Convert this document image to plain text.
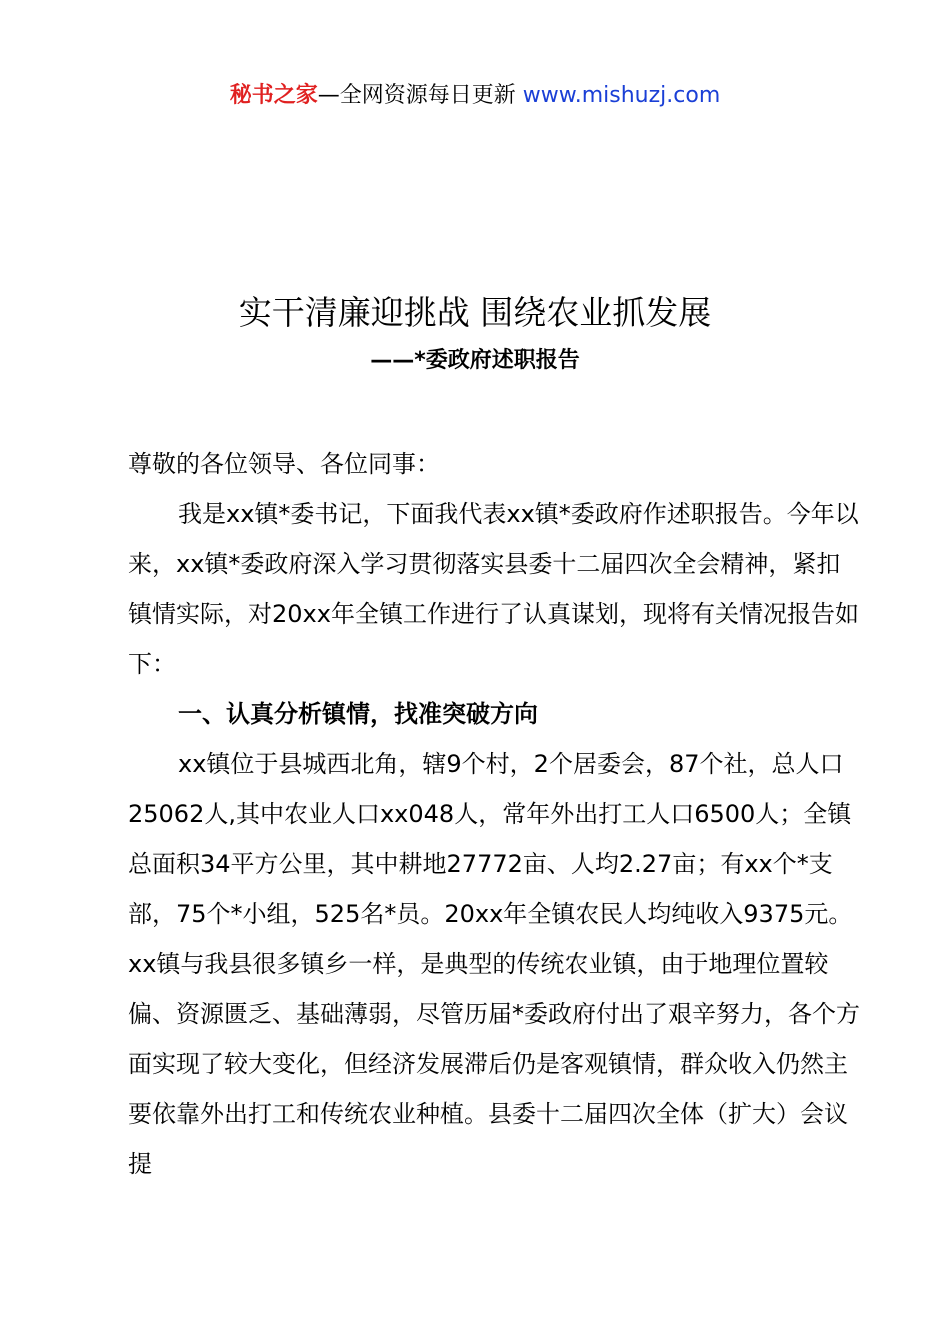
秘书之家—全网资源每日更新 www.mishuzj.com
实干清廉迎挑战 围绕农业抓发展
——*委政府述职报告

尊敬的各位领导、各位同事：

我是xx镇*委书记，下面我代表xx镇*委政府作述职报告。今年以来，xx镇*委政府深入学习贯彻落实县委十二届四次全会精神，紧扣镇情实际，对20xx年全镇工作进行了认真谋划，现将有关情况报告如下：

一、认真分析镇情，找准突破方向

xx镇位于县城西北角，辖9个村，2个居委会，87个社，总人口25062人,其中农业人口xx048人，常年外出打工人口6500人；全镇总面积34平方公里，其中耕地27772亩、人均2.27亩；有xx个*支部，75个*小组，525名*员。20xx年全镇农民人均纯收入9375元。xx镇与我县很多镇乡一样，是典型的传统农业镇，由于地理位置较偏、资源匮乏、基础薄弱，尽管历届*委政府付出了艰辛努力，各个方面实现了较大变化，但经济发展滞后仍是客观镇情，群众收入仍然主要依靠外出打工和传统农业种植。县委十二届四次全体（扩大）会议提
